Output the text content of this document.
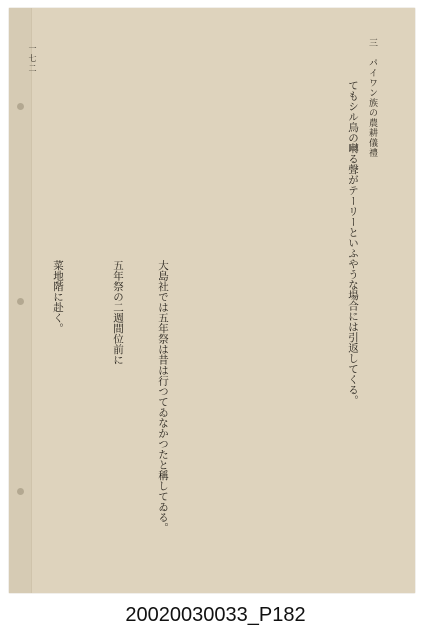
三　パイワン族の農耕儀禮
一七二
てもシル鳥の囀る聲がテーリーといふやうな場合には引返してくる。
大島社では五年祭は昔は行つてゐなかつたと稱してゐる。
五年祭の二週間位前に
菜地階に赴く。
20020030033_P182
